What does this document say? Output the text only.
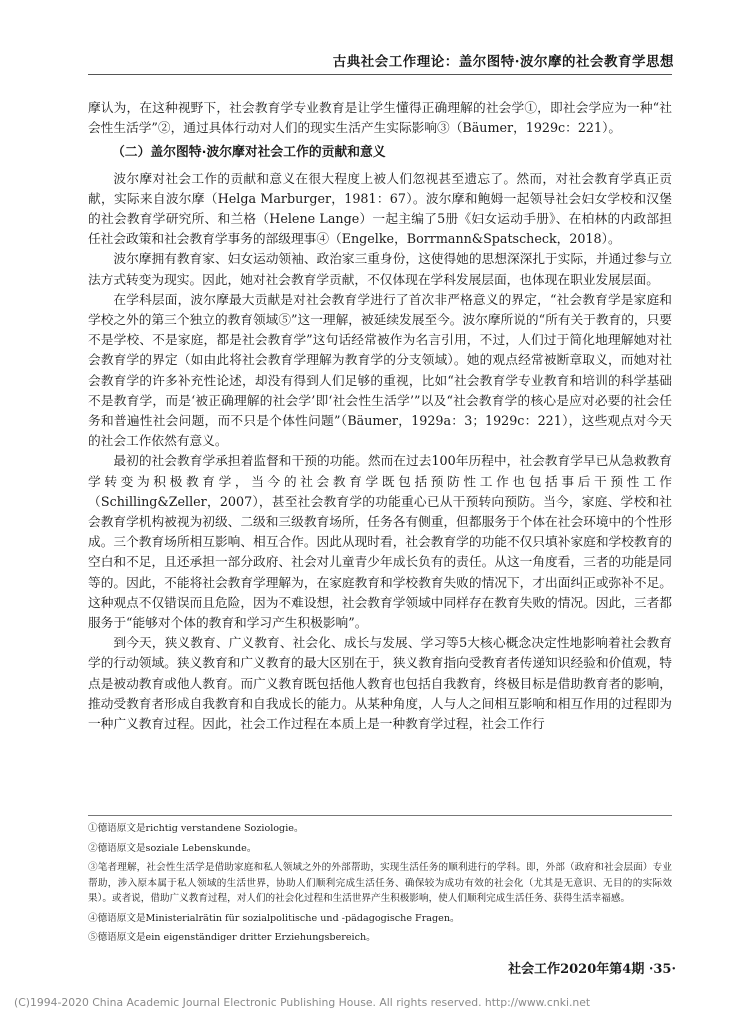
古典社会工作理论：盖尔图特·波尔摩的社会教育学思想

摩认为，在这种视野下，社会教育学专业教育是让学生懂得正确理解的社会学①，即社会学应为一种“社会性生活学”②，通过具体行动对人们的现实生活产生实际影响③（Bäumer，1929c：221）。

（二）盖尔图特·波尔摩对社会工作的贡献和意义

波尔摩对社会工作的贡献和意义在很大程度上被人们忽视甚至遗忘了。然而，对社会教育学真正贡献，实际来自波尔摩（Helga Marburger，1981：67）。波尔摩和鲍姆一起领导社会妇女学校和汉堡的社会教育学研究所、和兰格（Helene Lange）一起主编了5册《妇女运动手册》、在柏林的内政部担任社会政策和社会教育学事务的部级理事④（Engelke，Borrmann&Spatscheck，2018）。

波尔摩拥有教育家、妇女运动领袖、政治家三重身份，这使得她的思想深深扎于实际，并通过参与立法方式转变为现实。因此，她对社会教育学贡献，不仅体现在学科发展层面，也体现在职业发展层面。

在学科层面，波尔摩最大贡献是对社会教育学进行了首次非严格意义的界定，“社会教育学是家庭和学校之外的第三个独立的教育领域⑤”这一理解，被延续发展至今。波尔摩所说的“所有关于教育的，只要不是学校、不是家庭，都是社会教育学”这句话经常被作为名言引用，不过，人们过于简化地理解她对社会教育学的界定（如由此将社会教育学理解为教育学的分支领域）。她的观点经常被断章取义，而她对社会教育学的许多补充性论述，却没有得到人们足够的重视，比如“社会教育学专业教育和培训的科学基础不是教育学，而是‘被正确理解的社会学’即‘社会性生活学’”以及“社会教育学的核心是应对必要的社会任务和普遍性社会问题，而不只是个体性问题”（Bäumer，1929a：3；1929c：221），这些观点对今天的社会工作依然有意义。

最初的社会教育学承担着监督和干预的功能。然而在过去100年历程中，社会教育学早已从急救教育学转变为积极教育学，当今的社会教育学既包括预防性工作也包括事后干预性工作（Schilling&Zeller，2007），甚至社会教育学的功能重心已从干预转向预防。当今，家庭、学校和社会教育学机构被视为初级、二级和三级教育场所，任务各有侧重，但都服务于个体在社会环境中的个性形成。三个教育场所相互影响、相互合作。因此从现时看，社会教育学的功能不仅只填补家庭和学校教育的空白和不足，且还承担一部分政府、社会对儿童青少年成长负有的责任。从这一角度看，三者的功能是同等的。因此，不能将社会教育学理解为，在家庭教育和学校教育失败的情况下，才出面纠正或弥补不足。这种观点不仅错误而且危险，因为不难设想，社会教育学领域中同样存在教育失败的情况。因此，三者都服务于“能够对个体的教育和学习产生积极影响”。

到今天，狭义教育、广义教育、社会化、成长与发展、学习等5大核心概念决定性地影响着社会教育学的行动领域。狭义教育和广义教育的最大区别在于，狭义教育指向受教育者传递知识经验和价值观，特点是被动教育或他人教育。而广义教育既包括他人教育也包括自我教育，终极目标是借助教育者的影响，推动受教育者形成自我教育和自我成长的能力。从某种角度，人与人之间相互影响和相互作用的过程即为一种广义教育过程。因此，社会工作过程在本质上是一种教育学过程，社会工作行

①德语原文是richtig verstandene Soziologie。

②德语原文是soziale Lebenskunde。

③笔者理解，社会性生活学是借助家庭和私人领域之外的外部帮助，实现生活任务的顺利进行的学科。即，外部（政府和社会层面）专业帮助，涉入原本属于私人领域的生活世界，协助人们顺利完成生活任务、确保较为成功有效的社会化（尤其是无意识、无目的的实际效果）。或者说，借助广义教育过程，对人们的社会化过程和生活世界产生积极影响，使人们顺利完成生活任务、获得生活幸福感。

④德语原文是Ministerialrätin für sozialpolitische und -pädagogische Fragen。

⑤德语原文是ein eigenständiger dritter Erziehungsbereich。

社会工作2020年第4期 ·35·
(C)1994-2020 China Academic Journal Electronic Publishing House. All rights reserved. http://www.cnki.net
